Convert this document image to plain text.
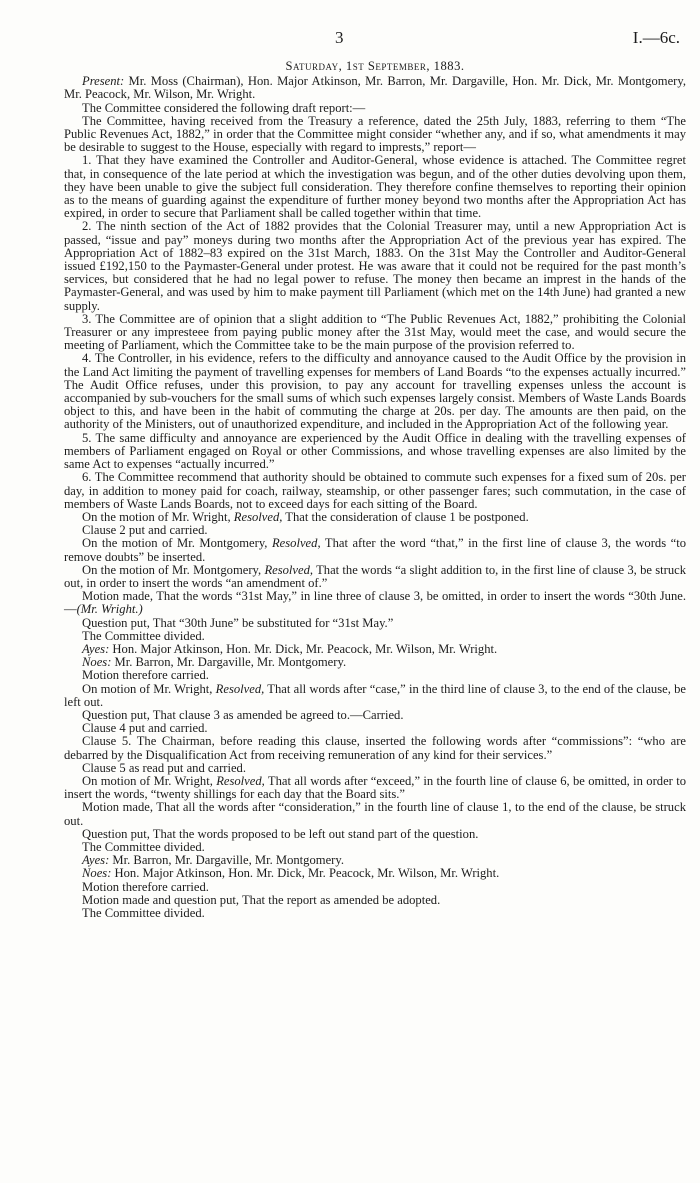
3	I.—6c.
Saturday, 1st September, 1883.

Present: Mr. Moss (Chairman), Hon. Major Atkinson, Mr. Barron, Mr. Dargaville, Hon. Mr. Dick, Mr. Montgomery, Mr. Peacock, Mr. Wilson, Mr. Wright.

The Committee considered the following draft report:—

The Committee, having received from the Treasury a reference, dated the 25th July, 1883, referring to them “The Public Revenues Act, 1882,” in order that the Committee might consider “whether any, and if so, what amendments it may be desirable to suggest to the House, especially with regard to imprests,” report—

1. That they have examined the Controller and Auditor-General, whose evidence is attached. The Committee regret that, in consequence of the late period at which the investigation was begun, and of the other duties devolving upon them, they have been unable to give the subject full consideration. They therefore confine themselves to reporting their opinion as to the means of guarding against the expenditure of further money beyond two months after the Appropriation Act has expired, in order to secure that Parliament shall be called together within that time.

2. The ninth section of the Act of 1882 provides that the Colonial Treasurer may, until a new Appropriation Act is passed, “issue and pay” moneys during two months after the Appropriation Act of the previous year has expired. The Appropriation Act of 1882–83 expired on the 31st March, 1883. On the 31st May the Controller and Auditor-General issued £192,150 to the Paymaster-General under protest. He was aware that it could not be required for the past month’s services, but considered that he had no legal power to refuse. The money then became an imprest in the hands of the Paymaster-General, and was used by him to make payment till Parliament (which met on the 14th June) had granted a new supply.

3. The Committee are of opinion that a slight addition to “The Public Revenues Act, 1882,” prohibiting the Colonial Treasurer or any impresteee from paying public money after the 31st May, would meet the case, and would secure the meeting of Parliament, which the Committee take to be the main purpose of the provision referred to.

4. The Controller, in his evidence, refers to the difficulty and annoyance caused to the Audit Office by the provision in the Land Act limiting the payment of travelling expenses for members of Land Boards “to the expenses actually incurred.” The Audit Office refuses, under this provision, to pay any account for travelling expenses unless the account is accompanied by sub-vouchers for the small sums of which such expenses largely consist. Members of Waste Lands Boards object to this, and have been in the habit of commuting the charge at 20s. per day. The amounts are then paid, on the authority of the Ministers, out of unauthorized expenditure, and included in the Appropriation Act of the following year.

5. The same difficulty and annoyance are experienced by the Audit Office in dealing with the travelling expenses of members of Parliament engaged on Royal or other Commissions, and whose travelling expenses are also limited by the same Act to expenses “actually incurred.”

6. The Committee recommend that authority should be obtained to commute such expenses for a fixed sum of 20s. per day, in addition to money paid for coach, railway, steamship, or other passenger fares; such commutation, in the case of members of Waste Lands Boards, not to exceed days for each sitting of the Board.

On the motion of Mr. Wright, Resolved, That the consideration of clause 1 be postponed.

Clause 2 put and carried.

On the motion of Mr. Montgomery, Resolved, That after the word “that,” in the first line of clause 3, the words “to remove doubts” be inserted.

On the motion of Mr. Montgomery, Resolved, That the words “a slight addition to, in the first line of clause 3, be struck out, in order to insert the words “an amendment of.”

Motion made, That the words “31st May,” in line three of clause 3, be omitted, in order to insert the words “30th June.—(Mr. Wright.)

Question put, That “30th June” be substituted for “31st May.”

The Committee divided.

Ayes: Hon. Major Atkinson, Hon. Mr. Dick, Mr. Peacock, Mr. Wilson, Mr. Wright.

Noes: Mr. Barron, Mr. Dargaville, Mr. Montgomery.

Motion therefore carried.

On motion of Mr. Wright, Resolved, That all words after “case,” in the third line of clause 3, to the end of the clause, be left out.

Question put, That clause 3 as amended be agreed to.—Carried.

Clause 4 put and carried.

Clause 5. The Chairman, before reading this clause, inserted the following words after “commissions”: “who are debarred by the Disqualification Act from receiving remuneration of any kind for their services.”

Clause 5 as read put and carried.

On motion of Mr. Wright, Resolved, That all words after “exceed,” in the fourth line of clause 6, be omitted, in order to insert the words, “twenty shillings for each day that the Board sits.”

Motion made, That all the words after “consideration,” in the fourth line of clause 1, to the end of the clause, be struck out.

Question put, That the words proposed to be left out stand part of the question.

The Committee divided.

Ayes: Mr. Barron, Mr. Dargaville, Mr. Montgomery.

Noes: Hon. Major Atkinson, Hon. Mr. Dick, Mr. Peacock, Mr. Wilson, Mr. Wright.

Motion therefore carried.

Motion made and question put, That the report as amended be adopted.

The Committee divided.
